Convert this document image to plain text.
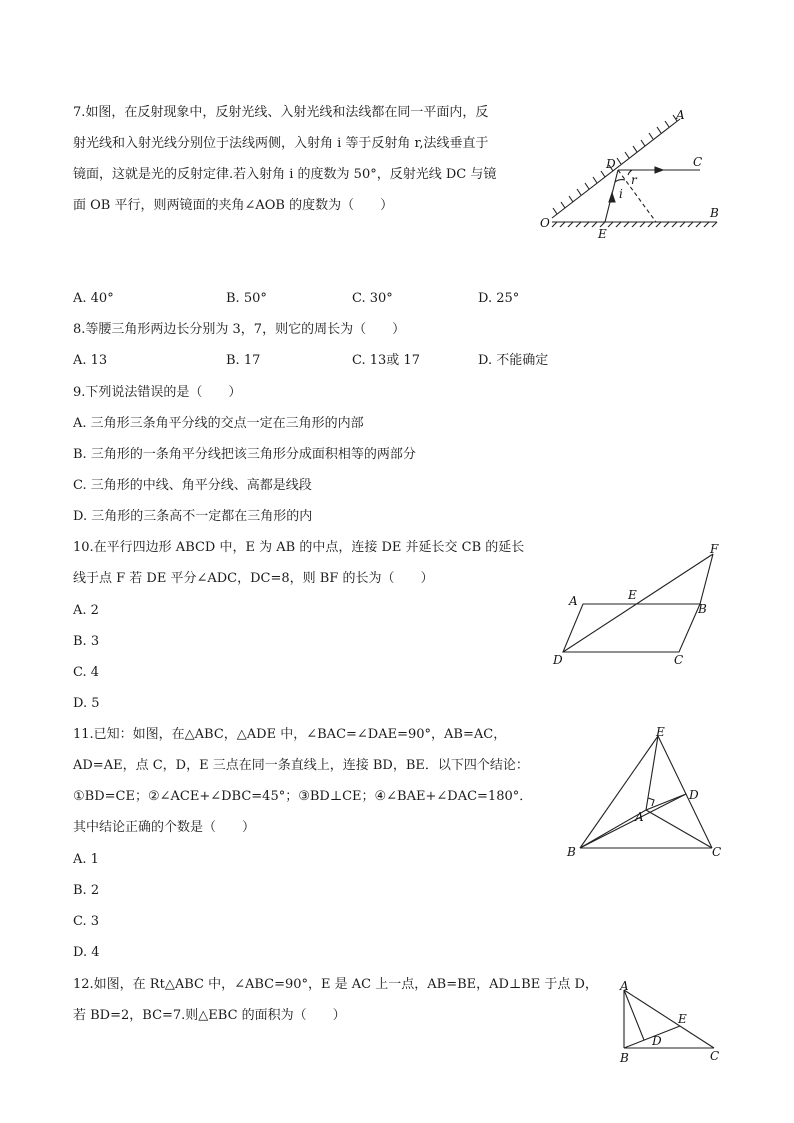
7.如图，在反射现象中，反射光线、入射光线和法线都在同一平面内，反
射光线和入射光线分别位于法线两侧，入射角 i 等于反射角 r,法线垂直于
镜面，这就是光的反射定律.若入射角 i 的度数为 50°，反射光线 DC 与镜
面 OB 平行，则两镜面的夹角∠AOB 的度数为（　　）
A
C
D
r
i
O
B
E
A. 40°	B. 50°	C. 30°	D. 25°
8.等腰三角形两边长分别为 3，7，则它的周长为（　　）
A. 13	B. 17	C. 13或 17	D. 不能确定
9.下列说法错误的是（　　）
A. 三角形三条角平分线的交点一定在三角形的内部
B. 三角形的一条角平分线把该三角形分成面积相等的两部分
C. 三角形的中线、角平分线、高都是线段
D. 三角形的三条高不一定都在三角形的内
10.在平行四边形 ABCD 中，E 为 AB 的中点，连接 DE 并延长交 CB 的延长
线于点 F 若 DE 平分∠ADC，DC=8，则 BF 的长为（　　）
F
A	E
B
D	C
A. 2
B. 3
C. 4
D. 5
11.已知：如图，在△ABC，△ADE 中，∠BAC=∠DAE=90°，AB=AC，
AD=AE，点 C，D，E 三点在同一条直线上，连接 BD，BE．以下四个结论：
①BD=CE；②∠ACE+∠DBC=45°；③BD⊥CE；④∠BAE+∠DAC=180°．
其中结论正确的个数是（　　）
E
A
D
B	C
A. 1
B. 2
C. 3
D. 4
12.如图，在 Rt△ABC 中，∠ABC=90°，E 是 AC 上一点，AB=BE，AD⊥BE 于点 D，
若 BD=2，BC=7.则△EBC 的面积为（　　）
A
E
D
B	C
